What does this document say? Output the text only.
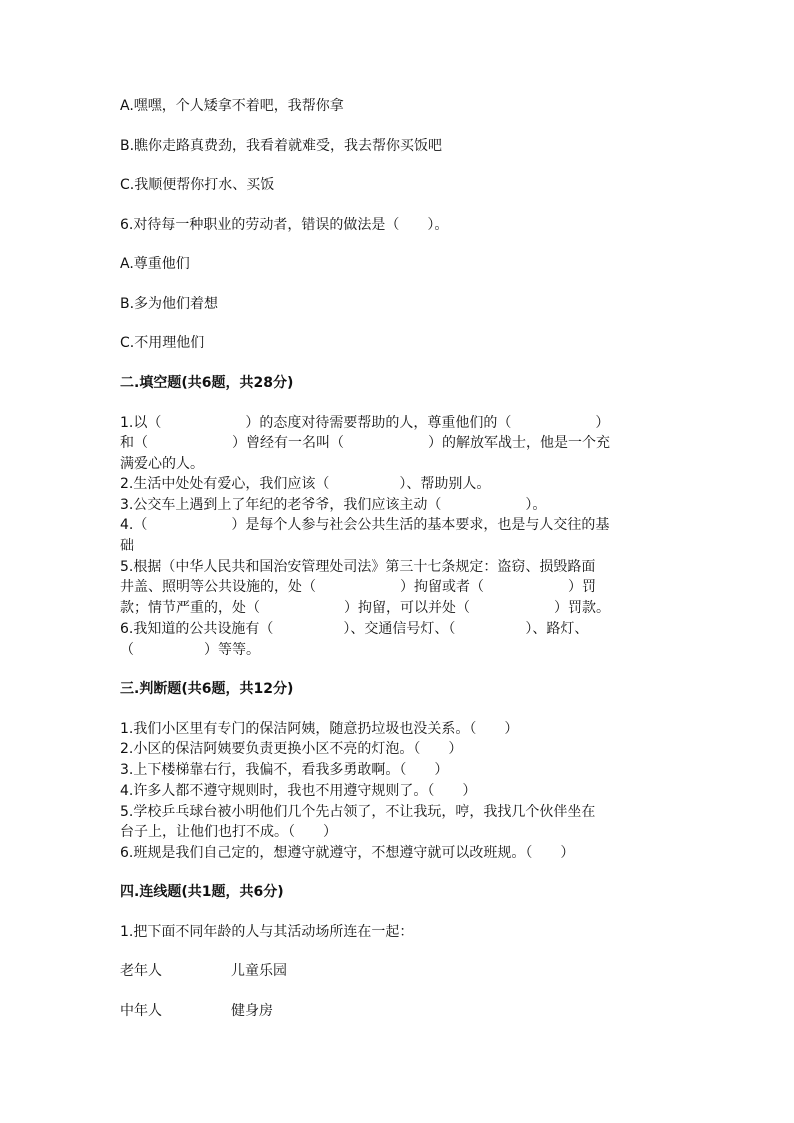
A.嘿嘿，个人矮拿不着吧，我帮你拿
B.瞧你走路真费劲，我看着就难受，我去帮你买饭吧
C.我顺便帮你打水、买饭
6.对待每一种职业的劳动者，错误的做法是（　　）。
A.尊重他们
B.多为他们着想
C.不用理他们
二.填空题(共6题，共28分)
1.以（　　　　　　）的态度对待需要帮助的人，尊重他们的（　　　　　　）
和（　　　　　　）曾经有一名叫（　　　　　　）的解放军战士，他是一个充
满爱心的人。
2.生活中处处有爱心，我们应该（　　　　　）、帮助别人。
3.公交车上遇到上了年纪的老爷爷，我们应该主动（　　　　　　）。
4.（　　　　　　）是每个人参与社会公共生活的基本要求，也是与人交往的基
础
5.根据（中华人民共和国治安管理处司法》第三十七条规定：盗窃、损毁路面
井盖、照明等公共设施的，处（　　　　　　）拘留或者（　　　　　　）罚
款；情节严重的，处（　　　　　　）拘留，可以并处（　　　　　　）罚款。
6.我知道的公共设施有（　　　　　）、交通信号灯、（　　　　　）、路灯、
（　　　　　）等等。
三.判断题(共6题，共12分)
1.我们小区里有专门的保洁阿姨，随意扔垃圾也没关系。（　　）
2.小区的保洁阿姨要负责更换小区不亮的灯泡。（　　）
3.上下楼梯靠右行，我偏不，看我多勇敢啊。（　　）
4.许多人都不遵守规则时，我也不用遵守规则了。（　　）
5.学校乒乓球台被小明他们几个先占领了，不让我玩，哼，我找几个伙伴坐在
台子上，让他们也打不成。（　　）
6.班规是我们自己定的，想遵守就遵守，不想遵守就可以改班规。（　　）
四.连线题(共1题，共6分)
1.把下面不同年龄的人与其活动场所连在一起：
老年人	儿童乐园
中年人	健身房
